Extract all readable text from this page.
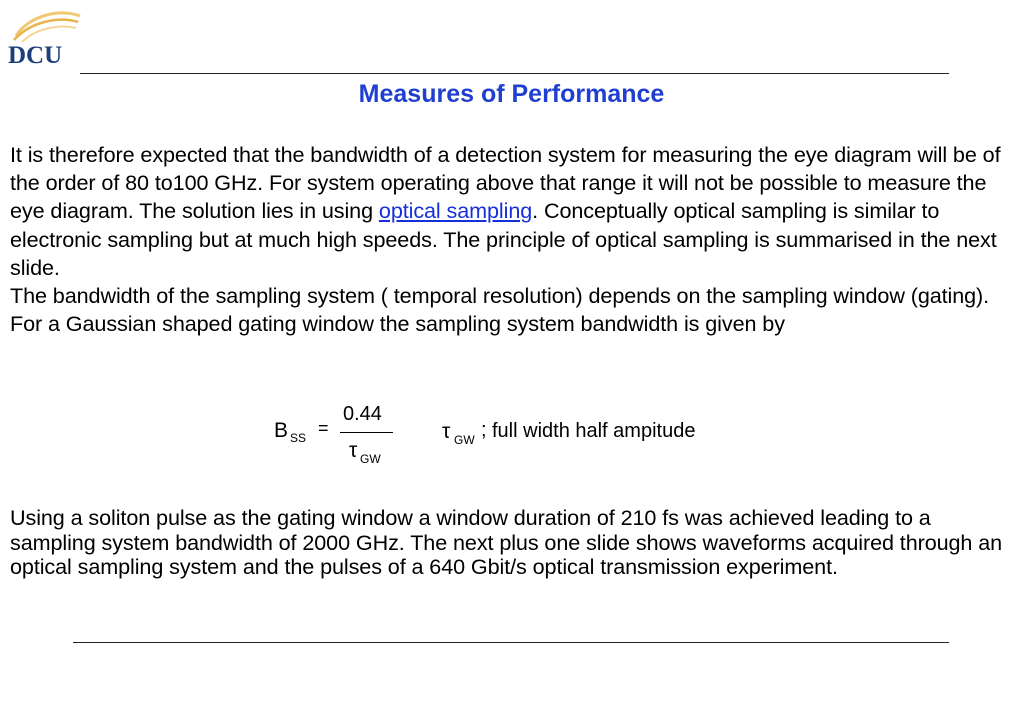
DCU
Measures of Performance
It is therefore expected that the bandwidth of a detection system for measuring the eye diagram will be of the order of 80 to100 GHz. For system operating above that range it will not be possible to measure the eye diagram. The solution lies in using optical sampling. Conceptually optical sampling is similar to electronic sampling but at much high speeds. The principle of optical sampling is summarised in the next slide.
The bandwidth of the sampling system ( temporal resolution) depends on the sampling window (gating). For a Gaussian shaped gating window the sampling system bandwidth is given by
B SS =
0.44
τ GW
τ GW ; full width half ampitude
Using a soliton pulse as the gating window a window duration of 210 fs was achieved leading to a sampling system bandwidth of 2000 GHz. The next plus one slide shows waveforms acquired through an optical sampling system and the pulses of a 640 Gbit/s optical transmission experiment.
